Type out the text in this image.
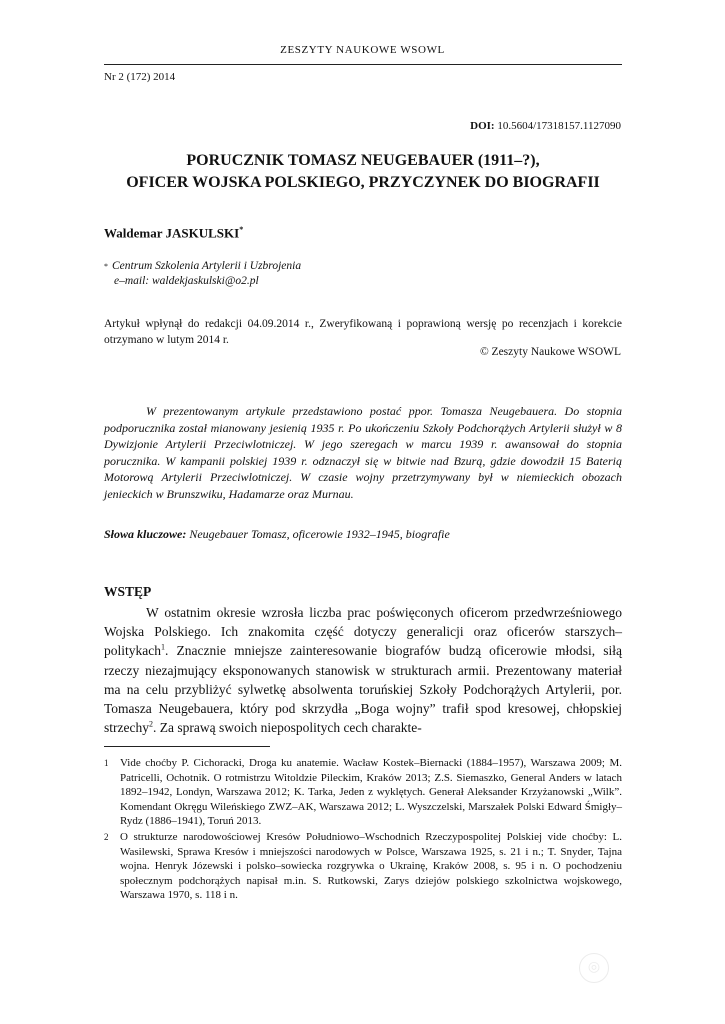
ZESZYTY NAUKOWE WSOWL
Nr 2 (172) 2014
DOI: 10.5604/17318157.1127090
PORUCZNIK TOMASZ NEUGEBAUER (1911–?),
OFICER WOJSKA POLSKIEGO, PRZYCZYNEK DO BIOGRAFII
Waldemar JASKULSKI*
* Centrum Szkolenia Artylerii i Uzbrojenia
e–mail: waldekjaskulski@o2.pl
Artykuł wpłynął do redakcji 04.09.2014 r., Zweryfikowaną i poprawioną wersję po recenzjach i korekcie otrzymano w lutym 2014 r.
© Zeszyty Naukowe WSOWL
W prezentowanym artykule przedstawiono postać ppor. Tomasza Neugebauera. Do stopnia podporucznika został mianowany jesienią 1935 r. Po ukończeniu Szkoły Podchorążych Artylerii służył w 8 Dywizjonie Artylerii Przeciwlotniczej. W jego szeregach w marcu 1939 r. awansował do stopnia porucznika. W kampanii polskiej 1939 r. odznaczył się w bitwie nad Bzurą, gdzie dowodził 15 Baterią Motorową Artylerii Przeciwlotniczej. W czasie wojny przetrzymywany był w niemieckich obozach jenieckich w Brunszwiku, Hadamarze oraz Murnau.
Słowa kluczowe: Neugebauer Tomasz, oficerowie 1932–1945, biografie
WSTĘP
W ostatnim okresie wzrosła liczba prac poświęconych oficerom przedwrześniowego Wojska Polskiego. Ich znakomita część dotyczy generalicji oraz oficerów starszych–politykach$^1$. Znacznie mniejsze zainteresowanie biografów budzą oficerowie młodsi, siłą rzeczy niezajmujący eksponowanych stanowisk w strukturach armii. Prezentowany materiał ma na celu przybliżyć sylwetkę absolwenta toruńskiej Szkoły Podchorążych Artylerii, por. Tomasza Neugebauera, który pod skrzydła „Boga wojny” trafił spod kresowej, chłopskiej strzechy$^2$. Za sprawą swoich niepospolitych cech charakte-
1	Vide choćby P. Cichoracki, Droga ku anatemie. Wacław Kostek–Biernacki (1884–1957), Warszawa 2009; M. Patricelli, Ochotnik. O rotmistrzu Witoldzie Pileckim, Kraków 2013; Z.S. Siemaszko, General Anders w latach 1892–1942, Londyn, Warszawa 2012; K. Tarka, Jeden z wyklętych. Generał Aleksander Krzyżanowski „Wilk”. Komendant Okręgu Wileńskiego ZWZ–AK, Warszawa 2012; L. Wyszczelski, Marszałek Polski Edward Śmigły–Rydz (1886–1941), Toruń 2013.
2	O strukturze narodowościowej Kresów Południowo–Wschodnich Rzeczypospolitej Polskiej vide choćby: L. Wasilewski, Sprawa Kresów i mniejszości narodowych w Polsce, Warszawa 1925, s. 21 i n.; T. Snyder, Tajna wojna. Henryk Józewski i polsko–sowiecka rozgrywka o Ukrainę, Kraków 2008, s. 95 i n. O pochodzeniu społecznym podchorążych napisał m.in. S. Rutkowski, Zarys dziejów polskiego szkolnictwa wojskowego, Warszawa 1970, s. 118 i n.
◎
